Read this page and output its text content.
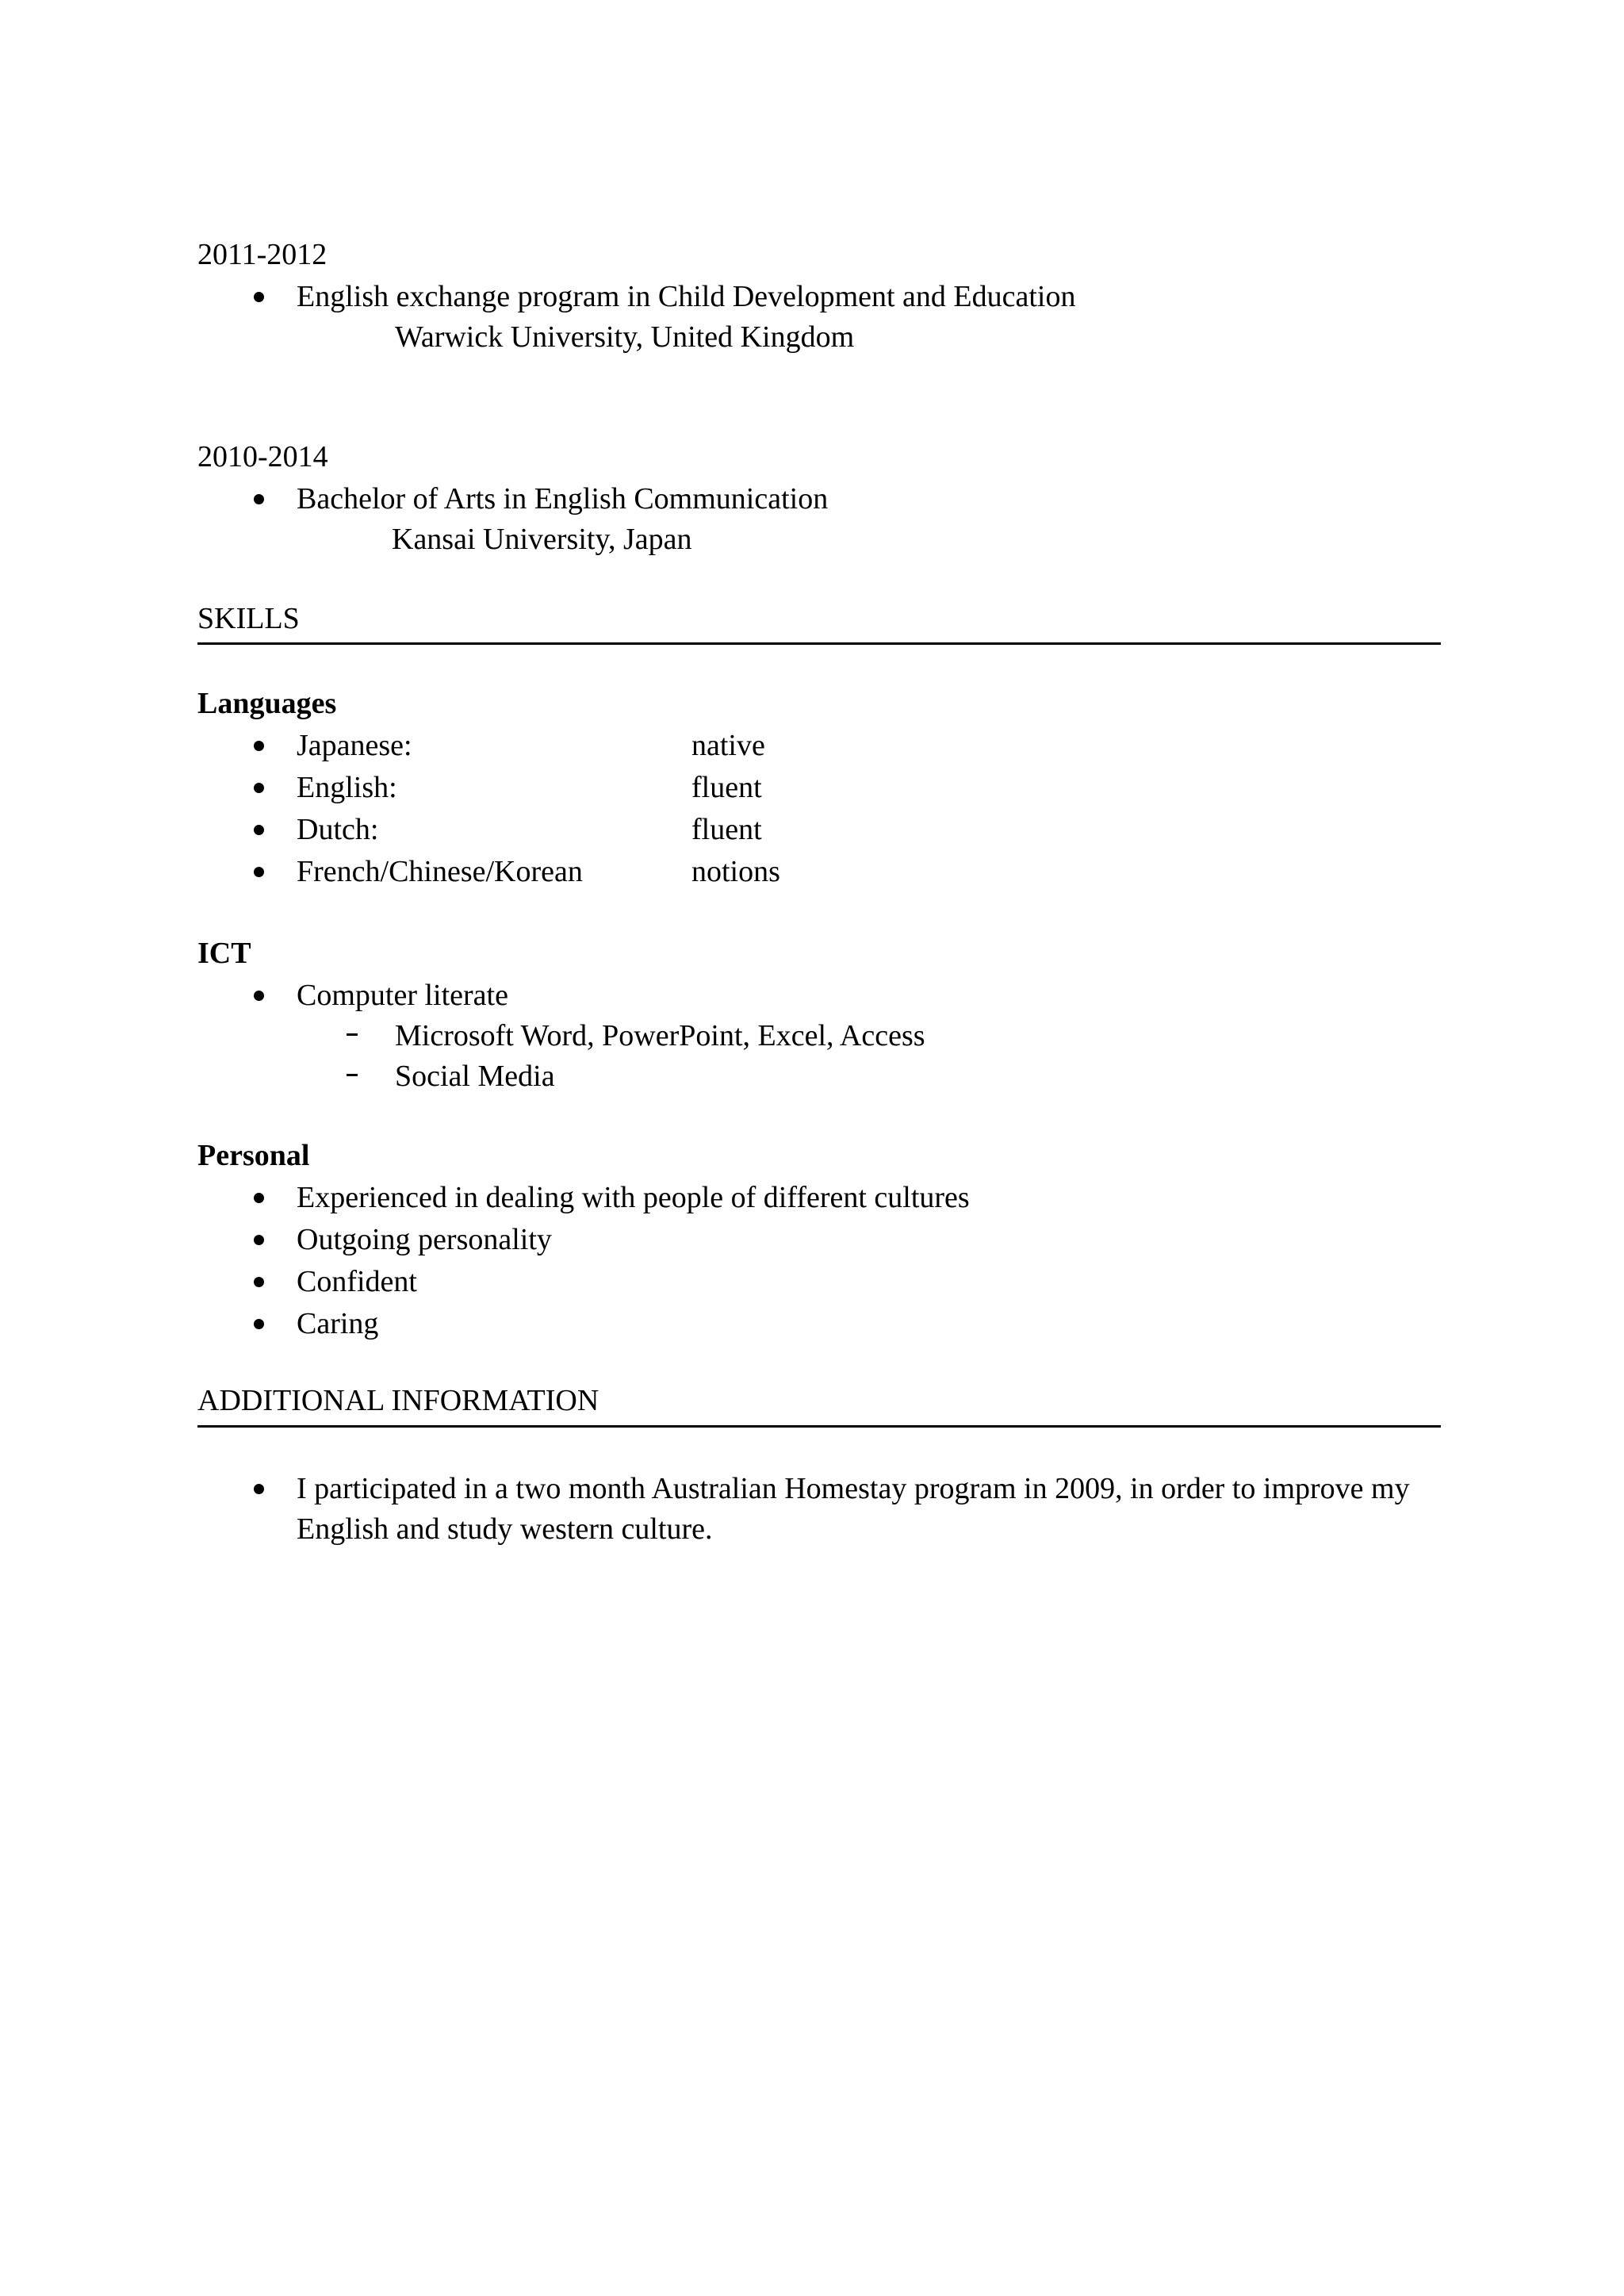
2011-2012
English exchange program in Child Development and Education
Warwick University, United Kingdom
2010-2014
Bachelor of Arts in English Communication
Kansai University, Japan
SKILLS
Languages
Japanese:	native
English:	fluent
Dutch:	fluent
French/Chinese/Korean	notions
ICT
Computer literate
Microsoft Word, PowerPoint, Excel, Access
Social Media
Personal
Experienced in dealing with people of different cultures
Outgoing personality
Confident
Caring
ADDITIONAL INFORMATION
I participated in a two month Australian Homestay program in 2009, in order to improve my
English and study western culture.
